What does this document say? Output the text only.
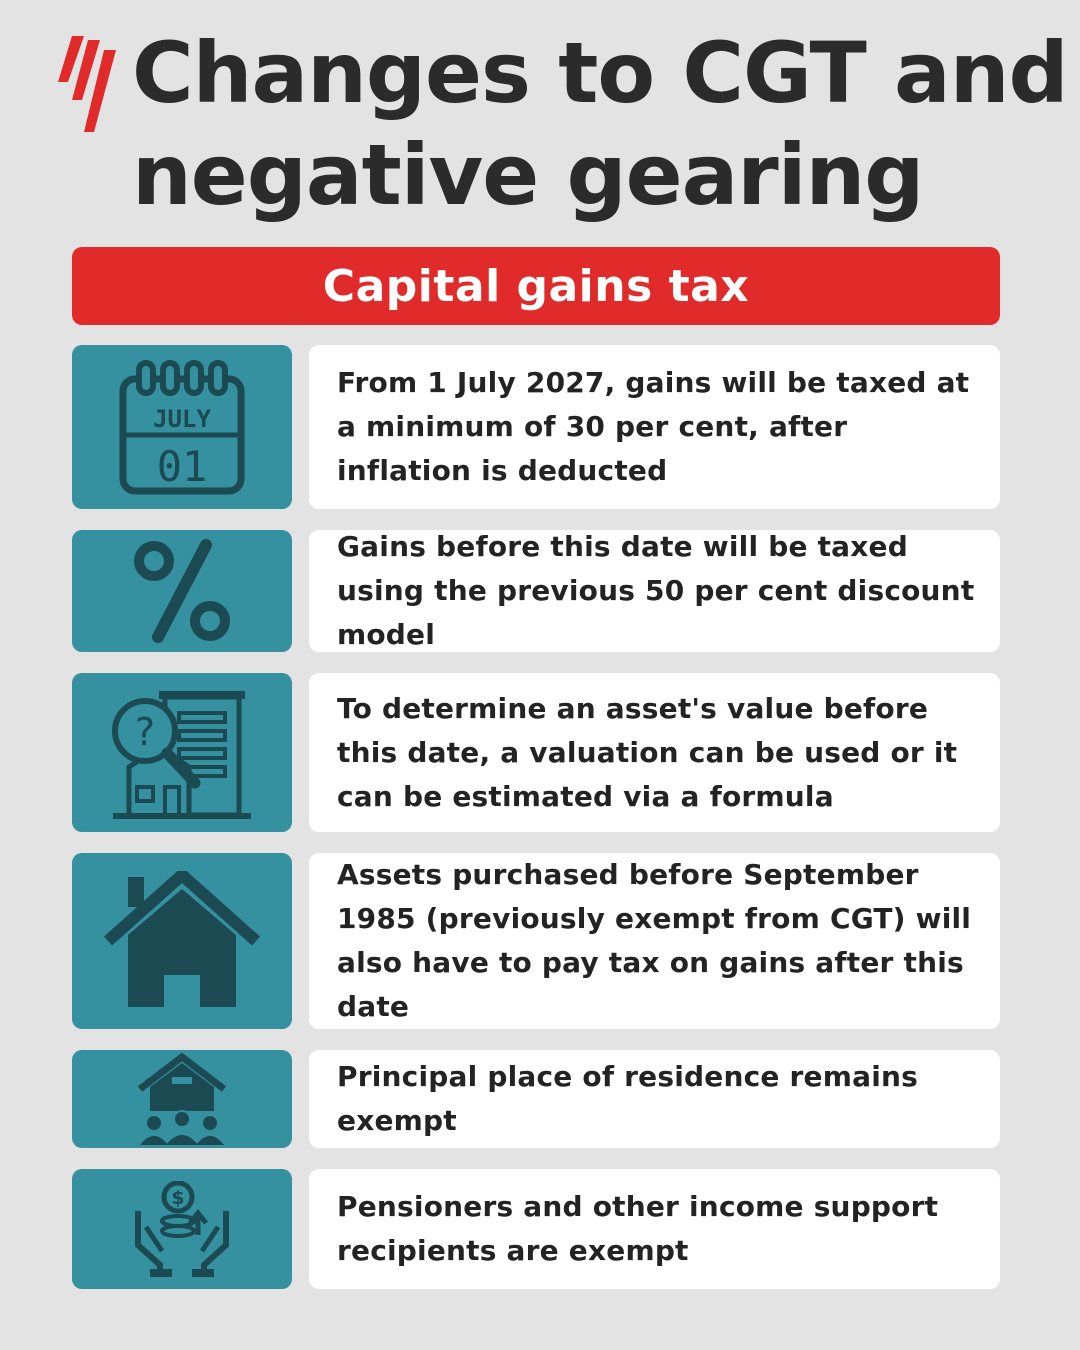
Changes to CGT and
negative gearing
Capital gains tax
JULY
01

From 1 July 2027, gains will be taxed at a minimum of 30 per cent, after inflation is deducted

Gains before this date will be taxed using the previous 50 per cent discount model

?

To determine an asset's value before this date, a valuation can be used or it can be estimated via a formula

Assets purchased before September 1985 (previously exempt from CGT) will also have to pay tax on gains after this date

Principal place of residence remains exempt

$	Pensioners and other income support recipients are exempt
